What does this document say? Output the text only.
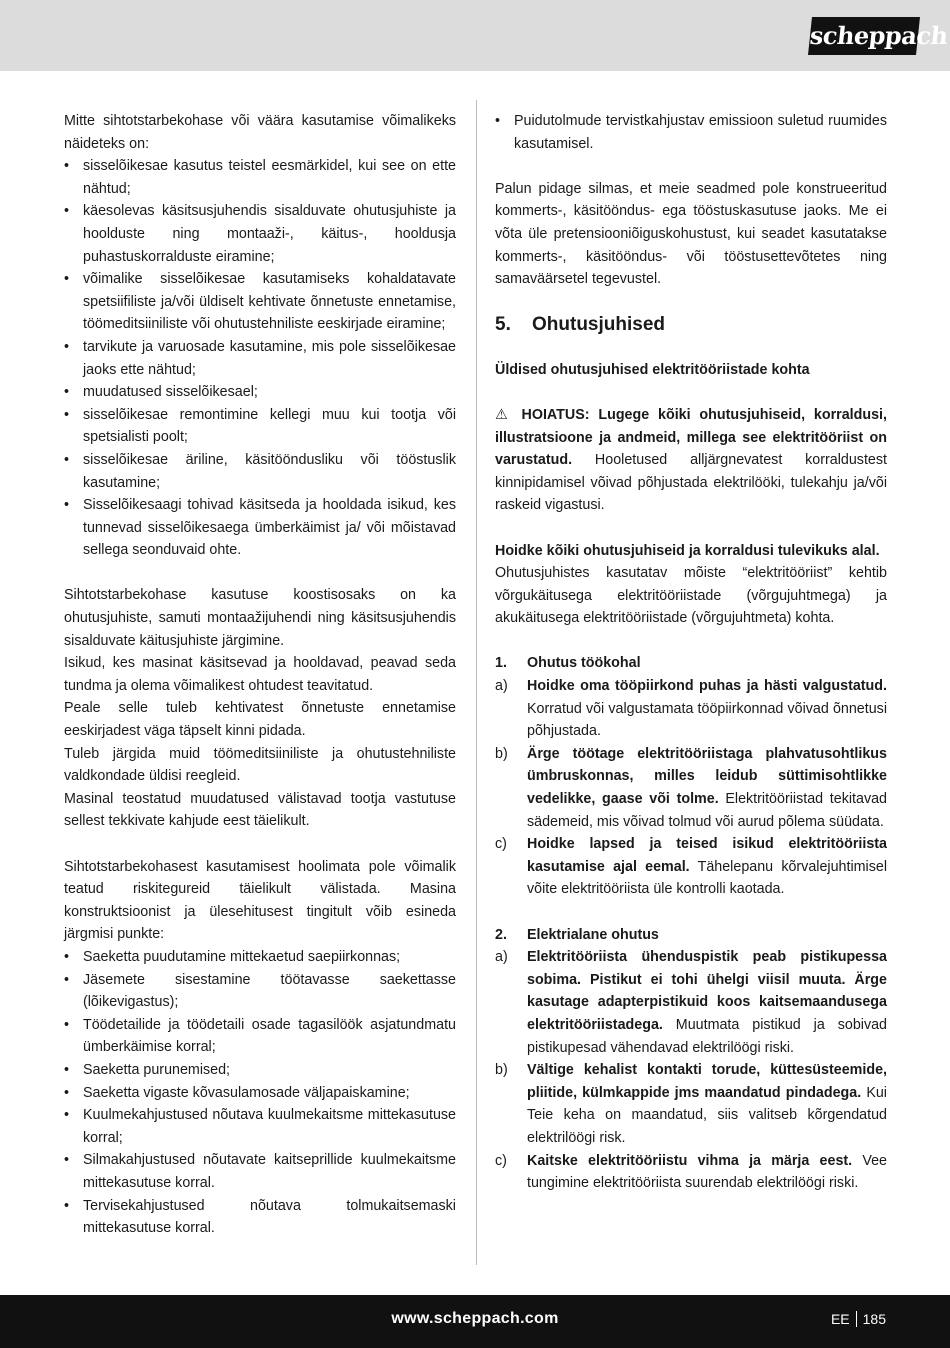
scheppach

Mitte sihtotstarbekohase või väära kasutamise võimalikeks näideteks on:

• sisselõikesae kasutus teistel eesmärkidel, kui see on ette nähtud;
• käesolevas käsitsusjuhendis sisalduvate ohutusjuhiste ja hoolduste ning montaaži-, käitus-, hooldusja puhastuskorralduste eiramine;
• võimalike sisselõikesae kasutamiseks kohaldatavate spetsiifiliste ja/või üldiselt kehtivate õnnetuste ennetamise, töömeditsiiniliste või ohutustehniliste eeskirjade eiramine;
• tarvikute ja varuosade kasutamine, mis pole sisselõikesae jaoks ette nähtud;
• muudatused sisselõikesael;
• sisselõikesae remontimine kellegi muu kui tootja või spetsialisti poolt;
• sisselõikesae äriline, käsitööndusliku või tööstuslik kasutamine;
• Sisselõikesaagi tohivad käsitseda ja hooldada isikud, kes tunnevad sisselõikesaega ümberkäimist ja/ või mõistavad sellega seonduvaid ohte.

Sihtotstarbekohase kasutuse koostisosaks on ka ohutusjuhiste, samuti montaažijuhendi ning käsitsusjuhendis sisalduvate käitusjuhiste järgimine.

Isikud, kes masinat käsitsevad ja hooldavad, peavad seda tundma ja olema võimalikest ohtudest teavitatud.

Peale selle tuleb kehtivatest õnnetuste ennetamise eeskirjadest väga täpselt kinni pidada.

Tuleb järgida muid töömeditsiiniliste ja ohutustehniliste valdkondade üldisi reegleid.

Masinal teostatud muudatused välistavad tootja vastutuse sellest tekkivate kahjude eest täielikult.

Sihtotstarbekohasest kasutamisest hoolimata pole võimalik teatud riskitegureid täielikult välistada. Masina konstruktsioonist ja ülesehitusest tingitult võib esineda järgmisi punkte:

• Saeketta puudutamine mittekaetud saepiirkonnas;
• Jäsemete sisestamine töötavasse saekettasse (lõikevigastus);
• Töödetailide ja töödetaili osade tagasilöök asjatundmatu ümberkäimise korral;
• Saeketta purunemised;
• Saeketta vigaste kõvasulamosade väljapaiskamine;
• Kuulmekahjustused nõutava kuulmekaitsme mittekasutuse korral;
• Silmakahjustused nõutavate kaitseprillide kuulmekaitsme mittekasutuse korral.
• Tervisekahjustused nõutava tolmukaitsemaski mittekasutuse korral.
• Puidutolmude tervistkahjustav emissioon suletud ruumides kasutamisel.

Palun pidage silmas, et meie seadmed pole konstrueeritud kommerts-, käsitööndus- ega tööstuskasutuse jaoks. Me ei võta üle pretensiooniõiguskohustust, kui seadet kasutatakse kommerts-, käsitööndus- või tööstusettevõtetes ning samaväärsetel tegevustel.

5. Ohutusjuhised

Üldised ohutusjuhised elektritööriistade kohta

⚠ HOIATUS: Lugege kõiki ohutusjuhiseid, korraldusi, illustratsioone ja andmeid, millega see elektritööriist on varustatud. Hooletused alljärgnevatest korraldustest kinnipidamisel võivad põhjustada elektrilööki, tulekahju ja/või raskeid vigastusi.

Hoidke kõiki ohutusjuhiseid ja korraldusi tulevikuks alal.

Ohutusjuhistes kasutatav mõiste “elektritööriist” kehtib võrgukäitusega elektritööriistade (võrgujuhtmega) ja akukäitusega elektritööriistade (võrgujuhtmeta) kohta.

1. Ohutus töökohal
a)	Hoidke oma tööpiirkond puhas ja hästi valgustatud. Korratud või valgustamata tööpiirkonnad võivad õnnetusi põhjustada.
b)	Ärge töötage elektritööriistaga plahvatusohtlikus ümbruskonnas, milles leidub süttimisohtlikke vedelikke, gaase või tolme. Elektritööriistad tekitavad sädemeid, mis võivad tolmud või aurud põlema süüdata.
c)	Hoidke lapsed ja teised isikud elektritööriista kasutamise ajal eemal. Tähelepanu kõrvalejuhtimisel võite elektritööriista üle kontrolli kaotada.
2. Elektrialane ohutus
a)	Elektritööriista ühenduspistik peab pistikupessa sobima. Pistikut ei tohi ühelgi viisil muuta. Ärge kasutage adapterpistikuid koos kaitsemaandusega elektritööriistadega. Muutmata pistikud ja sobivad pistikupesad vähendavad elektrilöögi riski.
b)	Vältige kehalist kontakti torude, küttesüsteemide, pliitide, külmkappide jms maandatud pindadega. Kui Teie keha on maandatud, siis valitseb kõrgendatud elektrilöögi risk.
c)	Kaitske elektritööriistu vihma ja märja eest. Vee tungimine elektritööriista suurendab elektrilöögi riski.
www.scheppach.com	EE 185
